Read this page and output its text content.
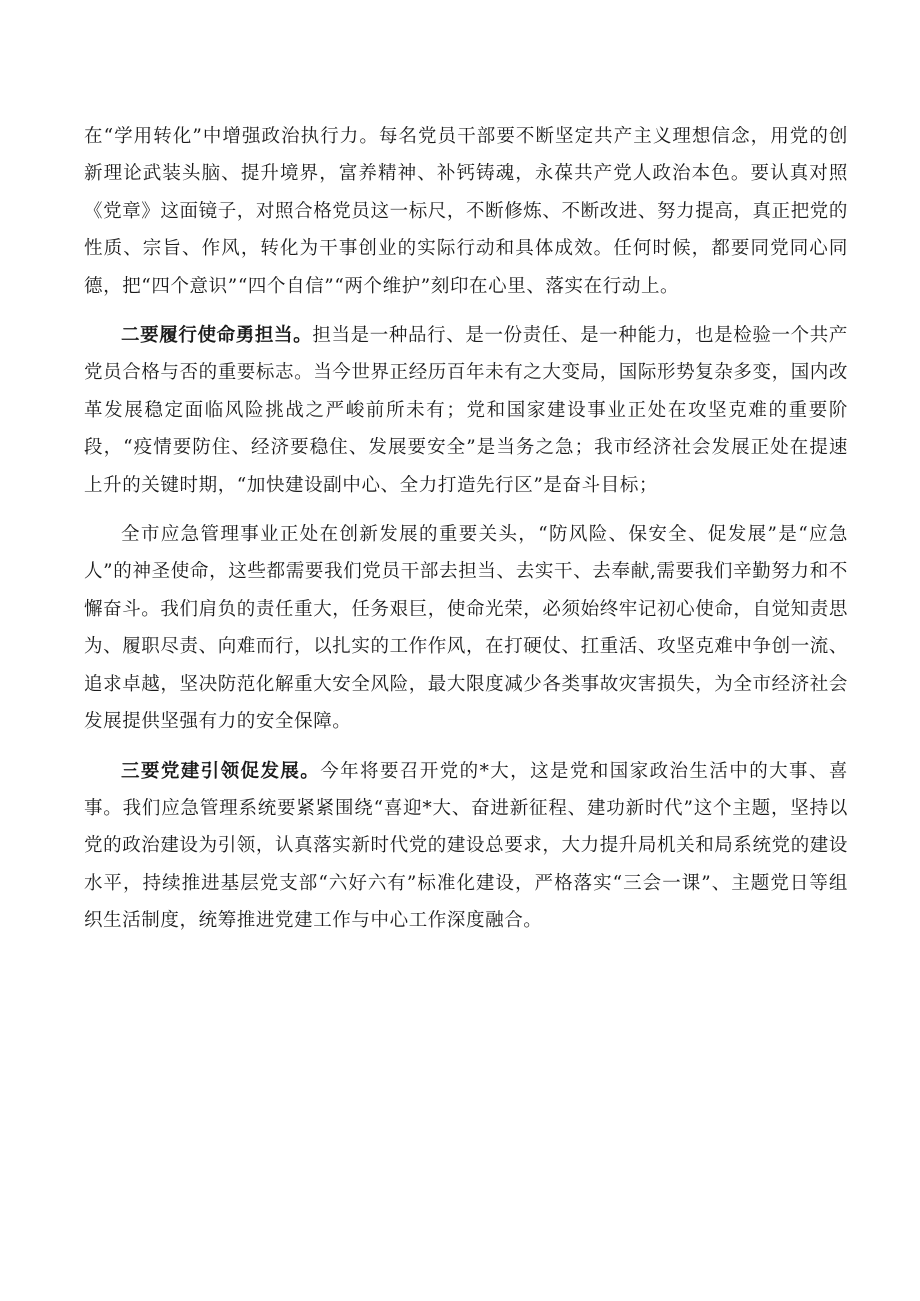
在“学用转化”中增强政治执行力。每名党员干部要不断坚定共产主义理想信念，用党的创新理论武装头脑、提升境界，富养精神、补钙铸魂，永葆共产党人政治本色。要认真对照《党章》这面镜子，对照合格党员这一标尺，不断修炼、不断改进、努力提高，真正把党的性质、宗旨、作风，转化为干事创业的实际行动和具体成效。任何时候，都要同党同心同德，把“四个意识”“四个自信”“两个维护”刻印在心里、落实在行动上。

二要履行使命勇担当。担当是一种品行、是一份责任、是一种能力，也是检验一个共产党员合格与否的重要标志。当今世界正经历百年未有之大变局，国际形势复杂多变，国内改革发展稳定面临风险挑战之严峻前所未有；党和国家建设事业正处在攻坚克难的重要阶段，“疫情要防住、经济要稳住、发展要安全”是当务之急；我市经济社会发展正处在提速上升的关键时期，“加快建设副中心、全力打造先行区”是奋斗目标；

全市应急管理事业正处在创新发展的重要关头，“防风险、保安全、促发展”是“应急人”的神圣使命，这些都需要我们党员干部去担当、去实干、去奉献,需要我们辛勤努力和不懈奋斗。我们肩负的责任重大，任务艰巨，使命光荣，必须始终牢记初心使命，自觉知责思为、履职尽责、向难而行，以扎实的工作作风，在打硬仗、扛重活、攻坚克难中争创一流、追求卓越，坚决防范化解重大安全风险，最大限度减少各类事故灾害损失，为全市经济社会发展提供坚强有力的安全保障。

三要党建引领促发展。今年将要召开党的*大，这是党和国家政治生活中的大事、喜事。我们应急管理系统要紧紧围绕“喜迎*大、奋进新征程、建功新时代”这个主题，坚持以党的政治建设为引领，认真落实新时代党的建设总要求，大力提升局机关和局系统党的建设水平，持续推进基层党支部“六好六有”标准化建设，严格落实“三会一课”、主题党日等组织生活制度，统筹推进党建工作与中心工作深度融合。
